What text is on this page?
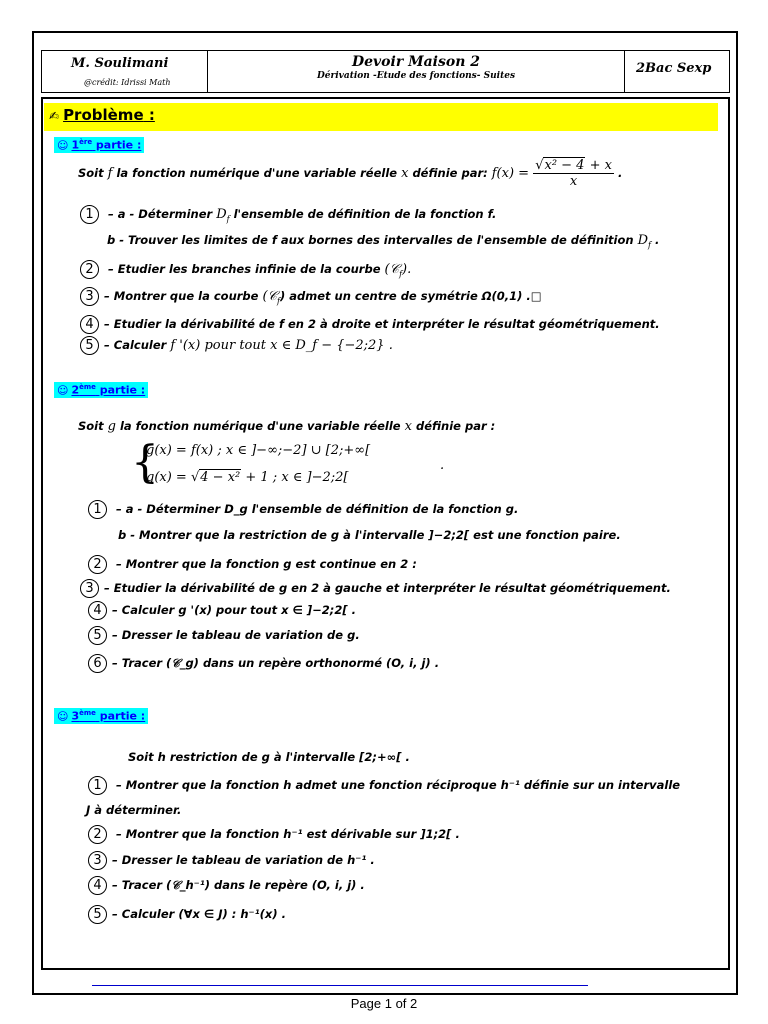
M. Soulimani
@crédit: Idrissi Math
Devoir Maison 2
Dérivation -Etude des fonctions- Suites	2Bac Sexp
✍ Problème :
☺ 1ère partie :
Soit f la fonction numérique d'une variable réelle x définie par: $f(x) = \frac{\text{√x² − 4 + x}}{x}$ .
1 – a - Déterminer $D_f$ l'ensemble de définition de la fonction f.
b - Trouver les limites de f aux bornes des intervalles de l'ensemble de définition $D_f$ .
2 – Etudier les branches infinie de la courbe (𝒞$_f$).
3 – Montrer que la courbe (𝒞$_f$) admet un centre de symétrie Ω(0,1) .□
4 – Etudier la dérivabilité de f en 2 à droite et interpréter le résultat géométriquement.
5 – Calculer f '(x) pour tout x ∈ D_f − {−2;2} .
☺ 2ème partie :
Soit g la fonction numérique d'une variable réelle x définie par :
{
g(x) = f(x) ; x ∈ ]−∞;−2] ∪ [2;+∞[
g(x) = √4 − x² + 1 ; x ∈ ]−2;2[
.
1 – a - Déterminer D_g l'ensemble de définition de la fonction g.
b - Montrer que la restriction de g à l'intervalle ]−2;2[ est une fonction paire.
2 – Montrer que la fonction g est continue en 2 :
3 – Etudier la dérivabilité de g en 2 à gauche et interpréter le résultat géométriquement.
4 – Calculer g '(x) pour tout x ∈ ]−2;2[ .
5 – Dresser le tableau de variation de g.
6 – Tracer (𝒞_g) dans un repère orthonormé (O, i, j) .
☺ 3ème partie :
Soit h restriction de g à l'intervalle [2;+∞[ .
1 – Montrer que la fonction h admet une fonction réciproque h⁻¹ définie sur un intervalle
J à déterminer.
2 – Montrer que la fonction h⁻¹ est dérivable sur ]1;2[ .
3 – Dresser le tableau de variation de h⁻¹ .
4 – Tracer (𝒞_h⁻¹) dans le repère (O, i, j) .
5 – Calculer (∀x ∈ J) : h⁻¹(x) .
Page 1 of 2
